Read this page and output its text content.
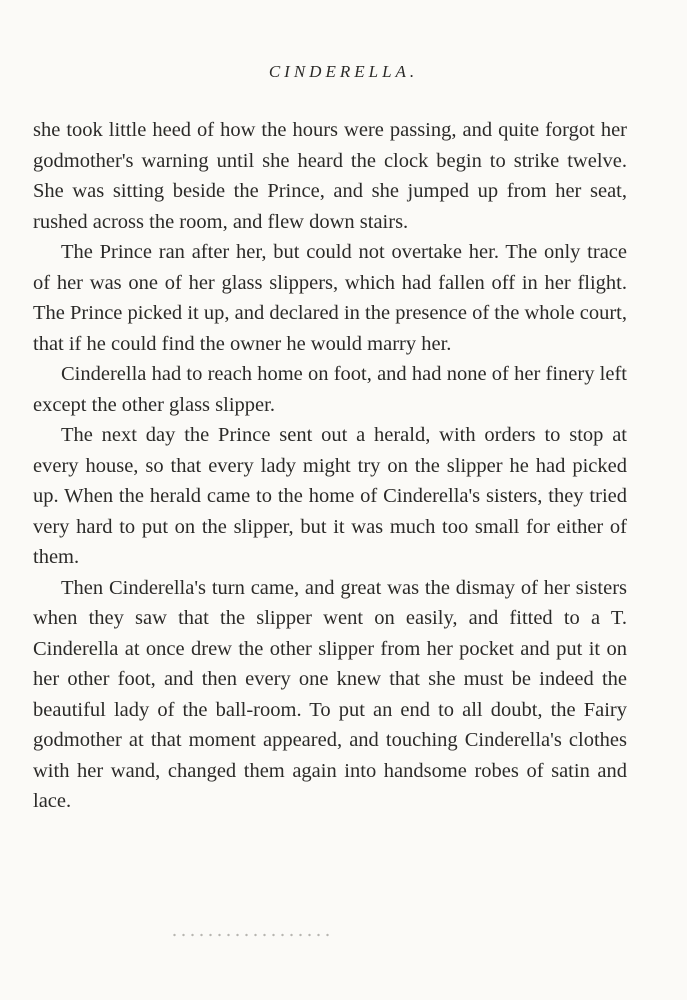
CINDERELLA.

she took little heed of how the hours were passing, and quite forgot her godmother's warning until she heard the clock begin to strike twelve. She was sitting beside the Prince, and she jumped up from her seat, rushed across the room, and flew down stairs.

The Prince ran after her, but could not overtake her. The only trace of her was one of her glass slippers, which had fallen off in her flight. The Prince picked it up, and declared in the presence of the whole court, that if he could find the owner he would marry her.

Cinderella had to reach home on foot, and had none of her finery left except the other glass slipper.

The next day the Prince sent out a herald, with orders to stop at every house, so that every lady might try on the slipper he had picked up. When the herald came to the home of Cinderella's sisters, they tried very hard to put on the slipper, but it was much too small for either of them.

Then Cinderella's turn came, and great was the dismay of her sisters when they saw that the slipper went on easily, and fitted to a T. Cinderella at once drew the other slipper from her pocket and put it on her other foot, and then every one knew that she must be indeed the beautiful lady of the ball-room. To put an end to all doubt, the Fairy godmother at that moment appeared, and touching Cinderella's clothes with her wand, changed them again into handsome robes of satin and lace.
